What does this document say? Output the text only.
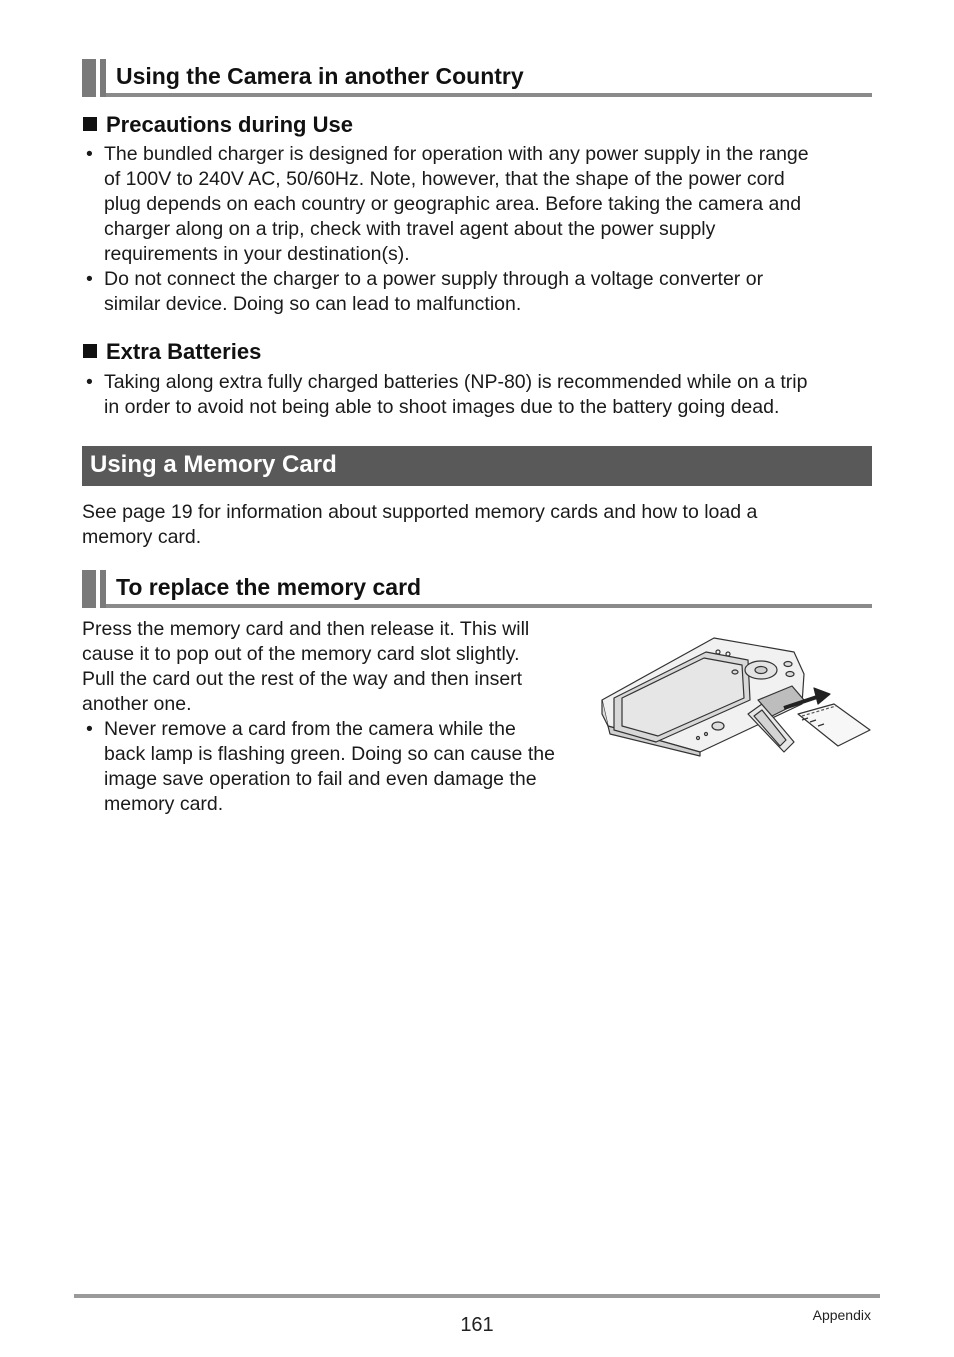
Using the Camera in another Country
Precautions during Use
• The bundled charger is designed for operation with any power supply in the range
of 100V to 240V AC, 50/60Hz. Note, however, that the shape of the power cord
plug depends on each country or geographic area. Before taking the camera and
charger along on a trip, check with travel agent about the power supply
requirements in your destination(s).
• Do not connect the charger to a power supply through a voltage converter or
similar device. Doing so can lead to malfunction.
Extra Batteries
• Taking along extra fully charged batteries (NP-80) is recommended while on a trip
in order to avoid not being able to shoot images due to the battery going dead.
Using a Memory Card
See page 19 for information about supported memory cards and how to load a
memory card.
To replace the memory card
Press the memory card and then release it. This will
cause it to pop out of the memory card slot slightly.
Pull the card out the rest of the way and then insert
another one.
• Never remove a card from the camera while the
back lamp is flashing green. Doing so can cause the
image save operation to fail and even damage the
memory card.
161	Appendix
